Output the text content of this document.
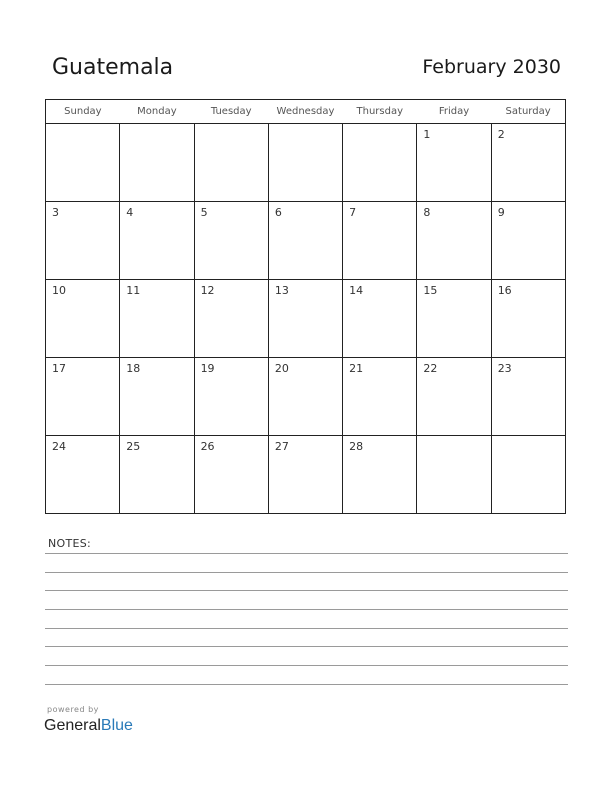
Guatemala	February 2030
Sunday	Monday	Tuesday	Wednesday	Thursday	Friday	Saturday

					1	2

3	4	5	6	7	8	9

10	11	12	13	14	15	16

17	18	19	20	21	22	23

24	25	26	27	28		

NOTES:
powered by
GeneralBlue
